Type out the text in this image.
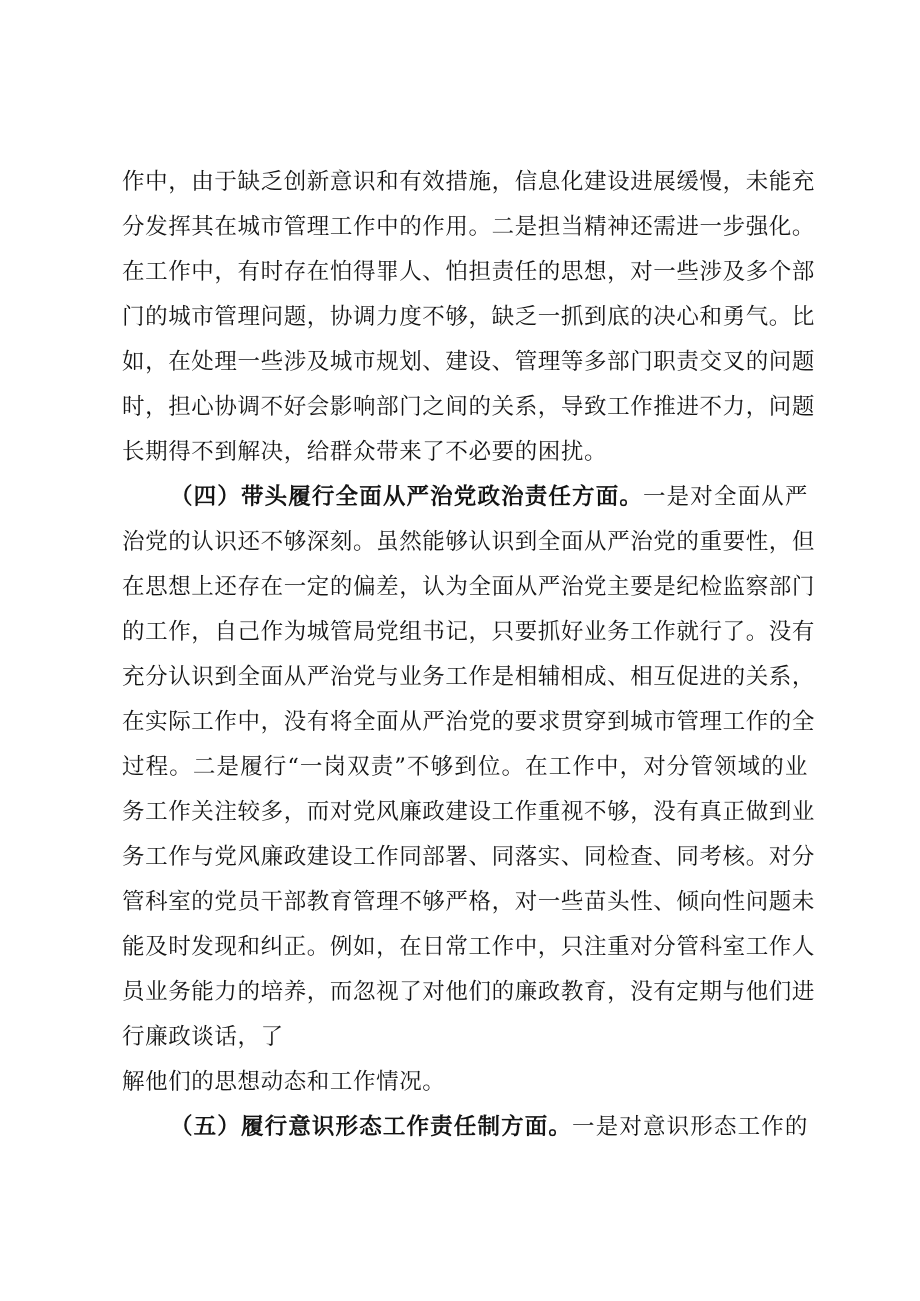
作中，由于缺乏创新意识和有效措施，信息化建设进展缓慢，未能充
分发挥其在城市管理工作中的作用。二是担当精神还需进一步强化。
在工作中，有时存在怕得罪人、怕担责任的思想，对一些涉及多个部
门的城市管理问题，协调力度不够，缺乏一抓到底的决心和勇气。比
如，在处理一些涉及城市规划、建设、管理等多部门职责交叉的问题
时，担心协调不好会影响部门之间的关系，导致工作推进不力，问题
长期得不到解决，给群众带来了不必要的困扰。
（四）带头履行全面从严治党政治责任方面。一是对全面从严
治党的认识还不够深刻。虽然能够认识到全面从严治党的重要性，但
在思想上还存在一定的偏差，认为全面从严治党主要是纪检监察部门
的工作，自己作为城管局党组书记，只要抓好业务工作就行了。没有
充分认识到全面从严治党与业务工作是相辅相成、相互促进的关系，
在实际工作中，没有将全面从严治党的要求贯穿到城市管理工作的全
过程。二是履行“一岗双责”不够到位。在工作中，对分管领域的业
务工作关注较多，而对党风廉政建设工作重视不够，没有真正做到业
务工作与党风廉政建设工作同部署、同落实、同检查、同考核。对分
管科室的党员干部教育管理不够严格，对一些苗头性、倾向性问题未
能及时发现和纠正。例如，在日常工作中，只注重对分管科室工作人
员业务能力的培养，而忽视了对他们的廉政教育，没有定期与他们进
行廉政谈话，了
解他们的思想动态和工作情况。
（五）履行意识形态工作责任制方面。一是对意识形态工作的
